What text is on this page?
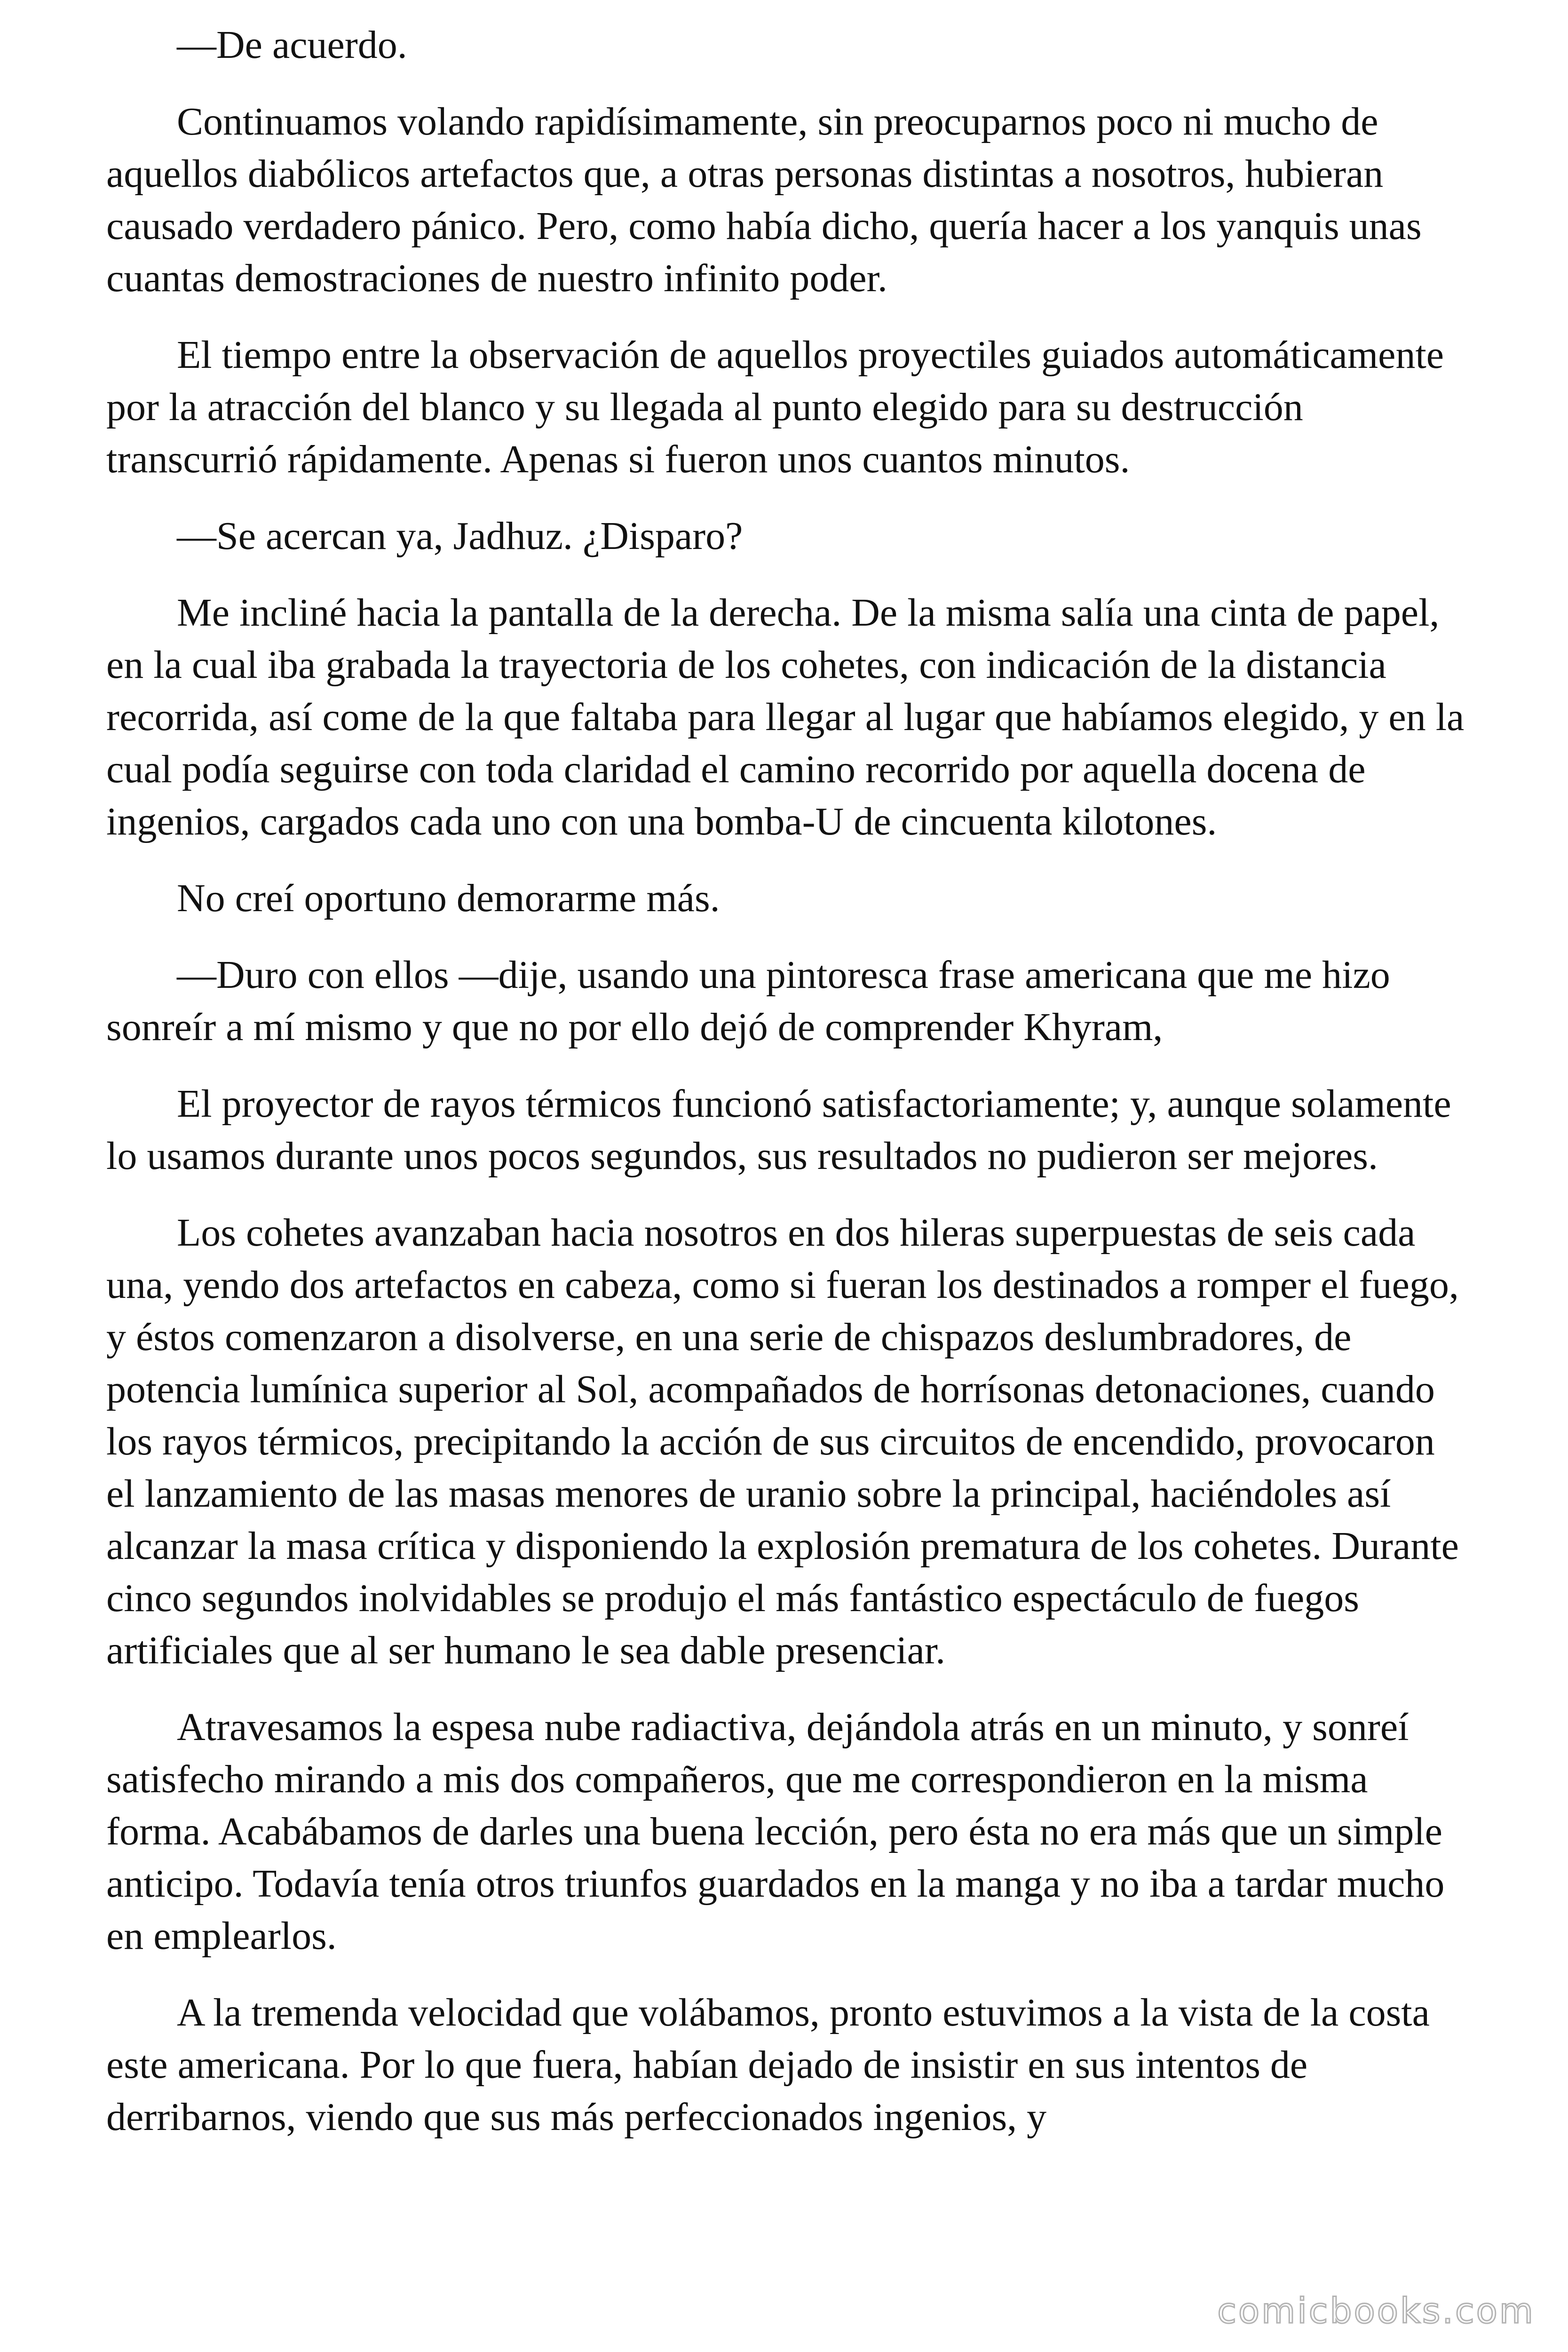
—De acuerdo.

Continuamos volando rapidísimamente, sin preocuparnos poco ni mucho de aquellos diabólicos artefactos que, a otras personas distintas a nosotros, hubieran causado verdadero pánico. Pero, como había dicho, quería hacer a los yanquis unas cuantas demostraciones de nuestro infinito poder.

El tiempo entre la observación de aquellos proyectiles guiados automáticamente por la atracción del blanco y su llegada al punto elegido para su destrucción transcurrió rápidamente. Apenas si fueron unos cuantos minutos.

—Se acercan ya, Jadhuz. ¿Disparo?

Me incliné hacia la pantalla de la derecha. De la misma salía una cinta de papel, en la cual iba grabada la trayectoria de los cohetes, con indicación de la distancia recorrida, así come de la que faltaba para llegar al lugar que habíamos elegido, y en la cual podía seguirse con toda claridad el camino recorrido por aquella docena de ingenios, cargados cada uno con una bomba-U de cincuenta kilotones.

No creí oportuno demorarme más.

—Duro con ellos —dije, usando una pintoresca frase americana que me hizo sonreír a mí mismo y que no por ello dejó de comprender Khyram,

El proyector de rayos térmicos funcionó satisfactoriamente; y, aunque solamente lo usamos durante unos pocos segundos, sus resultados no pudieron ser mejores.

Los cohetes avanzaban hacia nosotros en dos hileras superpuestas de seis cada una, yendo dos artefactos en cabeza, como si fueran los destinados a romper el fuego, y éstos comenzaron a disolverse, en una serie de chispazos deslumbradores, de potencia lumínica superior al Sol, acompañados de horrísonas detonaciones, cuando los rayos térmicos, precipitando la acción de sus circuitos de encendido, provocaron el lanzamiento de las masas menores de uranio sobre la principal, haciéndoles así alcanzar la masa crítica y disponiendo la explosión prematura de los cohetes. Durante cinco segundos inolvidables se produjo el más fantástico espectáculo de fuegos artificiales que al ser humano le sea dable presenciar.

Atravesamos la espesa nube radiactiva, dejándola atrás en un minuto, y sonreí satisfecho mirando a mis dos compañeros, que me correspondieron en la misma forma. Acabábamos de darles una buena lección, pero ésta no era más que un simple anticipo. Todavía tenía otros triunfos guardados en la manga y no iba a tardar mucho en emplearlos.

A la tremenda velocidad que volábamos, pronto estuvimos a la vista de la costa este americana. Por lo que fuera, habían dejado de insistir en sus intentos de derribarnos, viendo que sus más perfeccionados ingenios, y

comicbooks.com
